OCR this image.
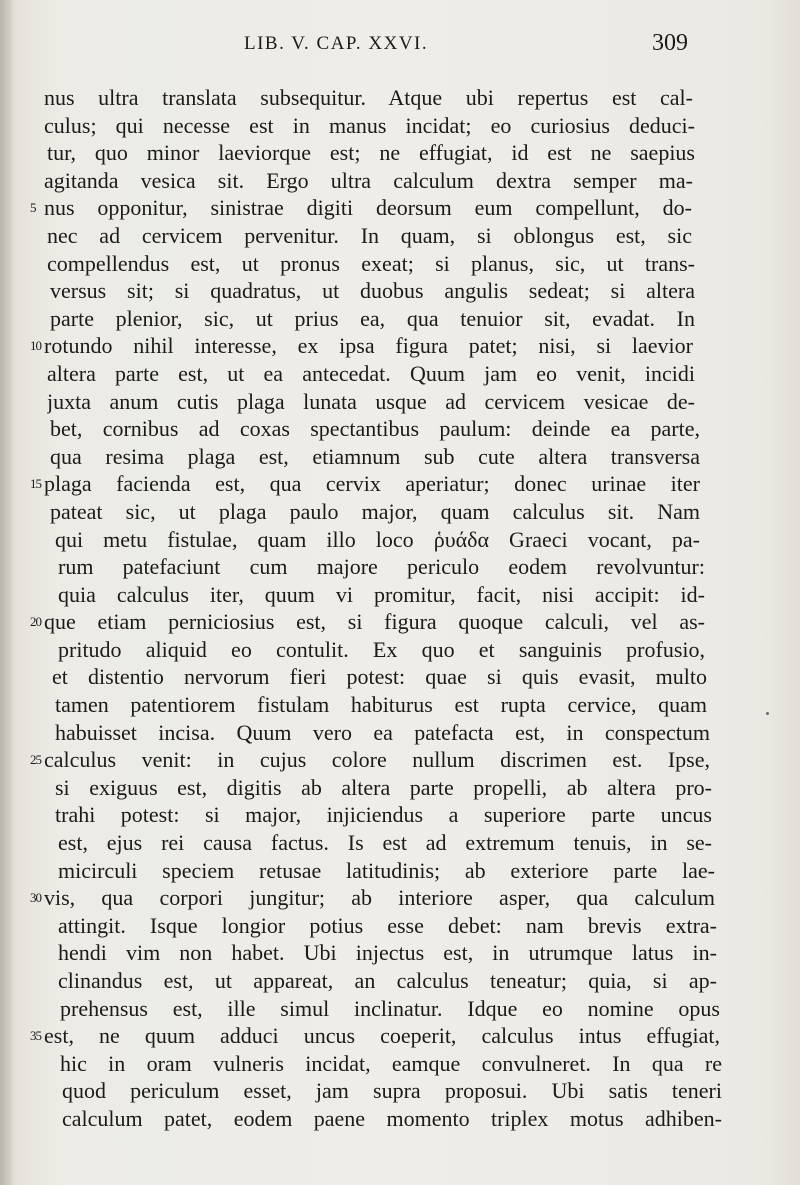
LIB. V. CAP. XXVI.	309
nus ultra translata subsequitur. Atque ubi repertus est cal-
culus; qui necesse est in manus incidat; eo curiosius deduci-
tur, quo minor laeviorque est; ne effugiat, id est ne saepius
agitanda vesica sit. Ergo ultra calculum dextra semper ma-
5 nus opponitur, sinistrae digiti deorsum eum compellunt, do-
nec ad cervicem pervenitur. In quam, si oblongus est, sic
compellendus est, ut pronus exeat; si planus, sic, ut trans-
versus sit; si quadratus, ut duobus angulis sedeat; si altera
parte plenior, sic, ut prius ea, qua tenuior sit, evadat. In
10 rotundo nihil interesse, ex ipsa figura patet; nisi, si laevior
altera parte est, ut ea antecedat. Quum jam eo venit, incidi
juxta anum cutis plaga lunata usque ad cervicem vesicae de-
bet, cornibus ad coxas spectantibus paulum: deinde ea parte,
qua resima plaga est, etiamnum sub cute altera transversa
15 plaga facienda est, qua cervix aperiatur; donec urinae iter
pateat sic, ut plaga paulo major, quam calculus sit. Nam
qui metu fistulae, quam illo loco ῥυάδα Graeci vocant, pa-
rum patefaciunt cum majore periculo eodem revolvuntur:
quia calculus iter, quum vi promitur, facit, nisi accipit: id-
20 que etiam perniciosius est, si figura quoque calculi, vel as-
pritudo aliquid eo contulit. Ex quo et sanguinis profusio,
et distentio nervorum fieri potest: quae si quis evasit, multo
tamen patentiorem fistulam habiturus est rupta cervice, quam
habuisset incisa. Quum vero ea patefacta est, in conspectum
25 calculus venit: in cujus colore nullum discrimen est. Ipse,
si exiguus est, digitis ab altera parte propelli, ab altera pro-
trahi potest: si major, injiciendus a superiore parte uncus
est, ejus rei causa factus. Is est ad extremum tenuis, in se-
micirculi speciem retusae latitudinis; ab exteriore parte lae-
30 vis, qua corpori jungitur; ab interiore asper, qua calculum
attingit. Isque longior potius esse debet: nam brevis extra-
hendi vim non habet. Ubi injectus est, in utrumque latus in-
clinandus est, ut appareat, an calculus teneatur; quia, si ap-
prehensus est, ille simul inclinatur. Idque eo nomine opus
35 est, ne quum adduci uncus coeperit, calculus intus effugiat,
hic in oram vulneris incidat, eamque convulneret. In qua re
quod periculum esset, jam supra proposui. Ubi satis teneri
calculum patet, eodem paene momento triplex motus adhiben-
